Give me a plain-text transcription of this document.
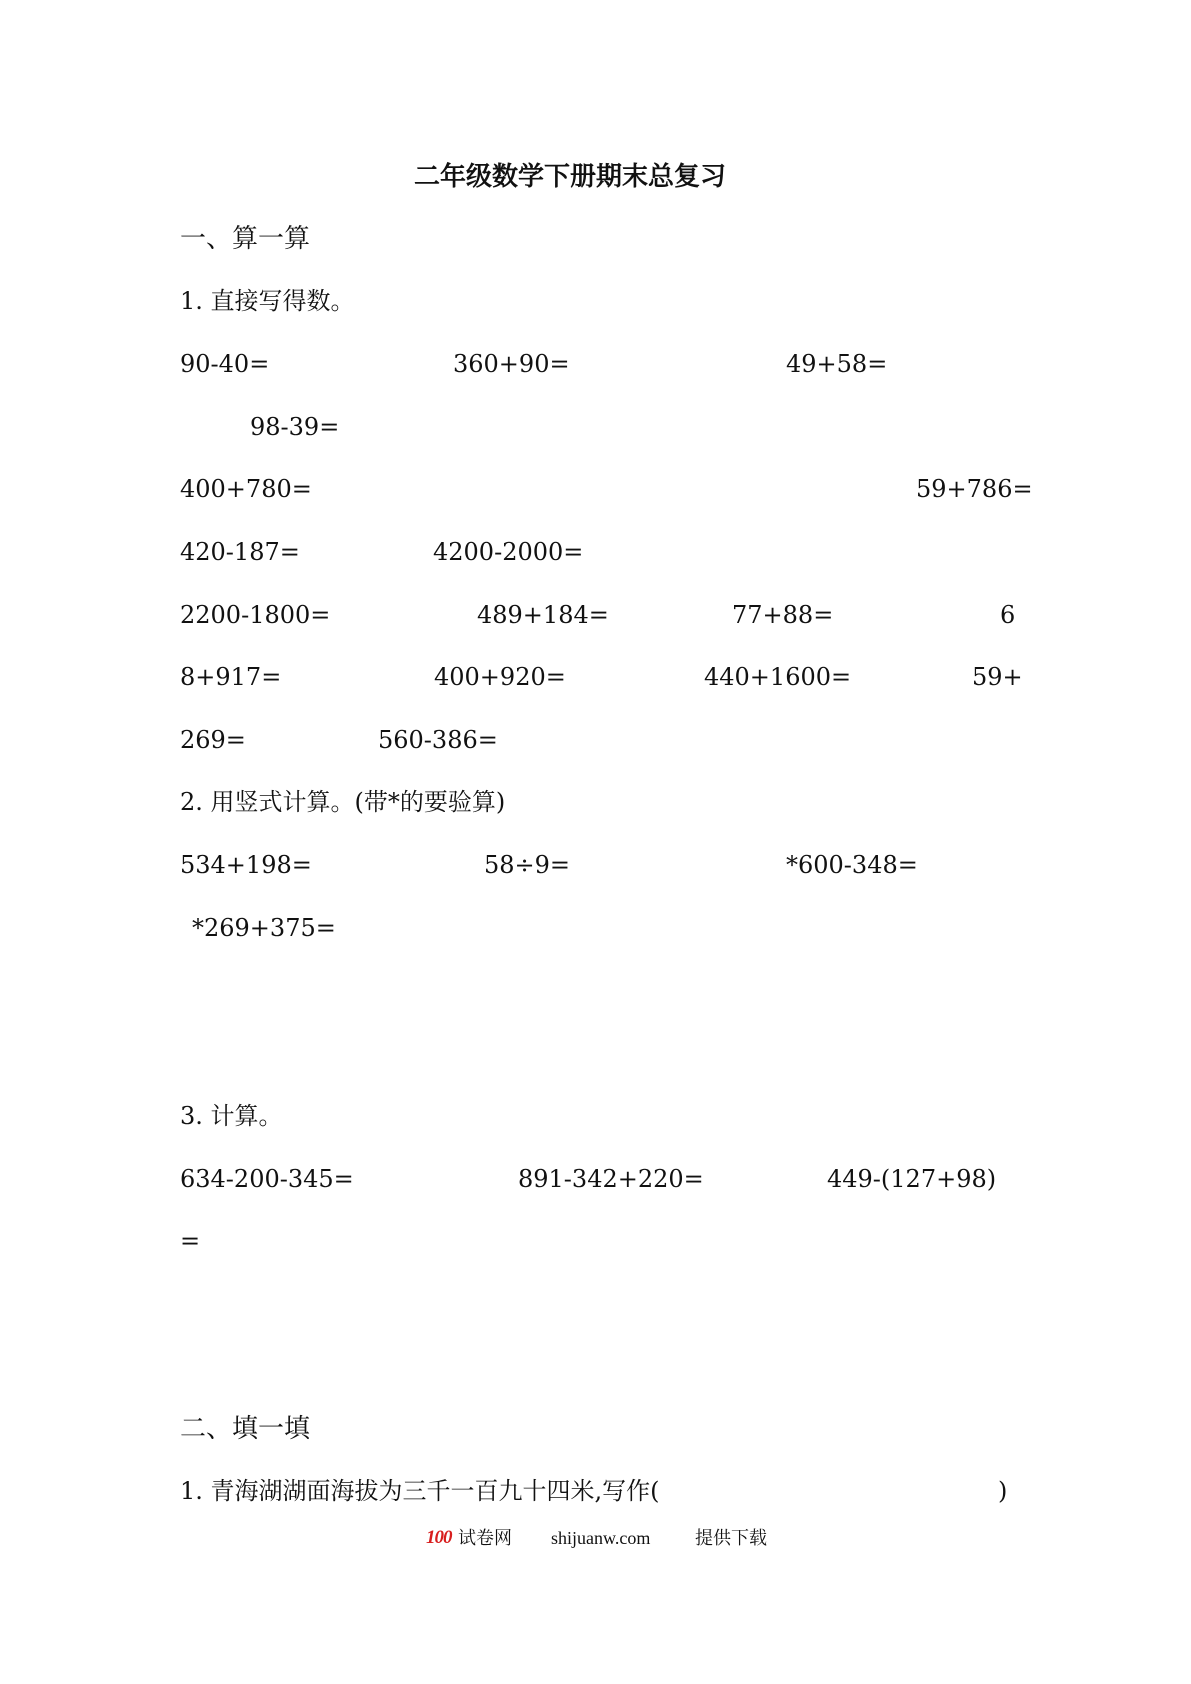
二年级数学下册期末总复习
一、算一算
1. 直接写得数。
90-40=	360+90=	49+58=
98-39=
400+780=	59+786=
420-187=	4200-2000=
2200-1800=	489+184=	77+88=	6
8+917=	400+920=	440+1600=	59+
269=	560-386=
2. 用竖式计算。(带*的要验算)
534+198=	58÷9=	*600-348=
*269+375=
3. 计算。
634-200-345=	891-342+220=	449-(127+98)
=
二、填一填
1. 青海湖湖面海拔为三千一百九十四米,写作(	)
100 试卷网 shijuanw.com 提供下载
